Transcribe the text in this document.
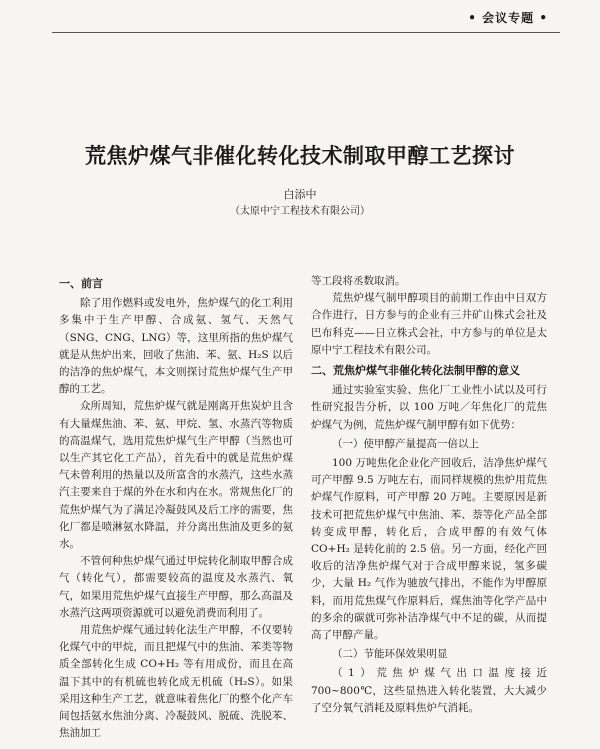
• 会议专题 •
荒焦炉煤气非催化转化技术制取甲醇工艺探讨
白添中
（太原中宁工程技术有限公司）
一、前言

除了用作燃料或发电外，焦炉煤气的化工利用多集中于生产甲醇、合成氨、氢气、天然气（SNG、CNG、LNG）等，这里所指的焦炉煤气就是从焦炉出来，回收了焦油、苯、氨、H₂S 以后的洁净的焦炉煤气，本文则探讨荒焦炉煤气生产甲醇的工艺。

众所周知，荒焦炉煤气就是刚离开焦炭炉且含有大量煤焦油、苯、氨、甲烷、氢、水蒸汽等物质的高温煤气，选用荒焦炉煤气生产甲醇（当然也可以生产其它化工产品），首先看中的就是荒焦炉煤气未曾利用的热量以及所富含的水蒸汽，这些水蒸汽主要来自于煤的外在水和内在水。常规焦化厂的荒焦炉煤气为了满足冷凝鼓风及后工序的需要，焦化厂都是喷淋氨水降温，并分离出焦油及更多的氨水。

不管何种焦炉煤气通过甲烷转化制取甲醇合成气（转化气），都需要较高的温度及水蒸汽、氧气，如果用荒焦炉煤气直接生产甲醇，那么高温及水蒸汽这两项资源就可以避免消费而利用了。

用荒焦炉煤气通过转化法生产甲醇，不仅要转化煤气中的甲烷，而且把煤气中的焦油、苯类等物质全部转化生成 CO+H₂ 等有用成份，而且在高温下其中的有机硫也转化成无机硫（H₂S）。如果采用这种生产工艺，就意味着焦化厂的整个化产车间包括氨水焦油分离、冷凝鼓风、脱硫、洗脱苯、焦油加工

等工段将丞数取消。

荒焦炉煤气制甲醇项目的前期工作由中日双方合作进行，日方参与的企业有三井矿山株式会社及巴布科克——日立株式会社，中方参与的单位是太原中宁工程技术有限公司。

二、荒焦炉煤气非催化转化法制甲醇的意义

通过实验室实验、焦化厂工业性小试以及可行性研究报告分析，以 100 万吨／年焦化厂的荒焦炉煤气为例，荒焦炉煤气制甲醇有如下优势：

（一）使甲醇产量提高一倍以上

100 万吨焦化企业化产回收后，洁净焦炉煤气可产甲醇 9.5 万吨左右，而同样规模的焦炉用荒焦炉煤气作原料，可产甲醇 20 万吨。主要原因是新技术可把荒焦炉煤气中焦油、苯、萘等化产品全部转变成甲醇，转化后，合成甲醇的有效气体 CO+H₂ 是转化前的 2.5 倍。另一方面，经化产回收后的洁净焦炉煤气对于合成甲醇来说，氢多碳少，大量 H₂ 气作为驰放气排出，不能作为甲醇原料，而用荒焦煤气作原料后，煤焦油等化学产品中的多余的碳就可弥补洁净煤气中不足的碳，从而提高了甲醇产量。

（二）节能环保效果明显

（1）荒焦炉煤气出口温度接近 700~800℃，这些显热进入转化装置，大大减少了空分氧气消耗及原料焦炉气消耗。
